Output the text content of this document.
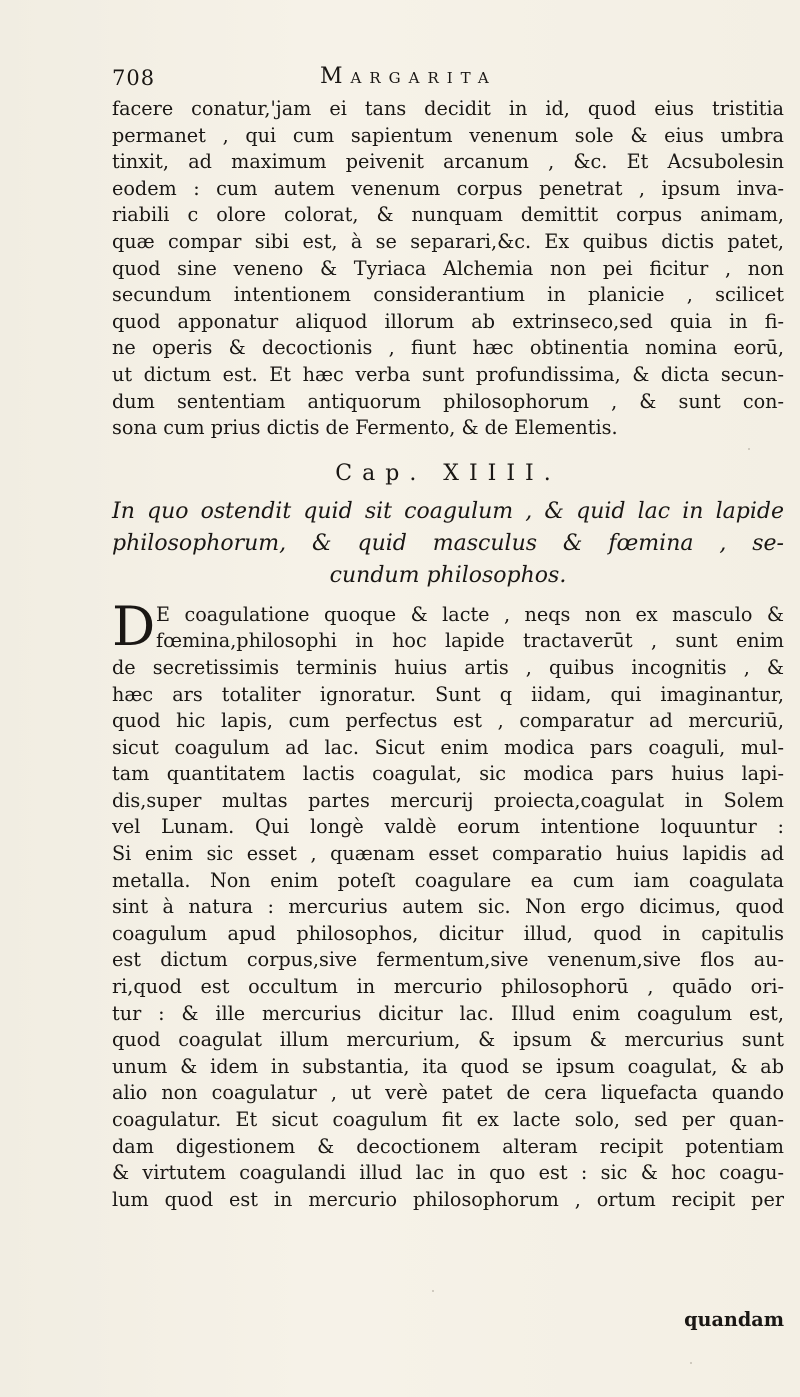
708	Margarita
facere conatur,'jam ei tans decidit in id, quod eius tristitia
permanet , qui cum sapientum venenum sole & eius umbra
tinxit, ad maximum peivenit arcanum , &c. Et Acsubolesin
eodem : cum autem venenum corpus penetrat , ipsum inva-
riabili c olore colorat, & nunquam demittit corpus animam,
quæ compar sibi est, à se separari,&c. Ex quibus dictis patet,
quod sine veneno & Tyriaca Alchemia non pei ficitur , non
secundum intentionem considerantium in planicie , scilicet
quod apponatur aliquod illorum ab extrinseco,sed quia in fi-
ne operis & decoctionis , fiunt hæc obtinentia nomina eorū,
ut dictum est. Et hæc verba sunt profundissima, & dicta secun-
dum sententiam antiquorum philosophorum , & sunt con-
sona cum prius dictis de Fermento, & de Elementis.
Cap. XIIII.
In quo ostendit quid sit coagulum , & quid lac in lapide
philosophorum, & quid masculus & fœmina , se-
cundum philosophos.
D E coagulatione quoque & lacte , neqs non ex masculo &
fœmina,philosophi in hoc lapide tractaverūt , sunt enim
de secretissimis terminis huius artis , quibus incognitis , &
hæc ars totaliter ignoratur. Sunt q iidam, qui imaginantur,
quod hic lapis, cum perfectus est , comparatur ad mercuriū,
sicut coagulum ad lac. Sicut enim modica pars coaguli, mul-
tam quantitatem lactis coagulat, sic modica pars huius lapi-
dis,super multas partes mercurij proiecta,coagulat in Solem
vel Lunam. Qui longè valdè eorum intentione loquuntur :
Si enim sic esset , quænam esset comparatio huius lapidis ad
metalla. Non enim poteſt coagulare ea cum iam coagulata
sint à natura : mercurius autem sic. Non ergo dicimus, quod
coagulum apud philosophos, dicitur illud, quod in capitulis
est dictum corpus,sive fermentum,sive venenum,sive flos au-
ri,quod est occultum in mercurio philosophorū , quādo ori-
tur : & ille mercurius dicitur lac. Illud enim coagulum est,
quod coagulat illum mercurium, & ipsum & mercurius sunt
unum & idem in substantia, ita quod se ipsum coagulat, & ab
alio non coagulatur , ut verè patet de cera liquefacta quando
coagulatur. Et sicut coagulum fit ex lacte solo, sed per quan-
dam digestionem & decoctionem alteram recipit potentiam
& virtutem coagulandi illud lac in quo est : sic & hoc coagu-
lum quod est in mercurio philosophorum , ortum recipit per
quandam
